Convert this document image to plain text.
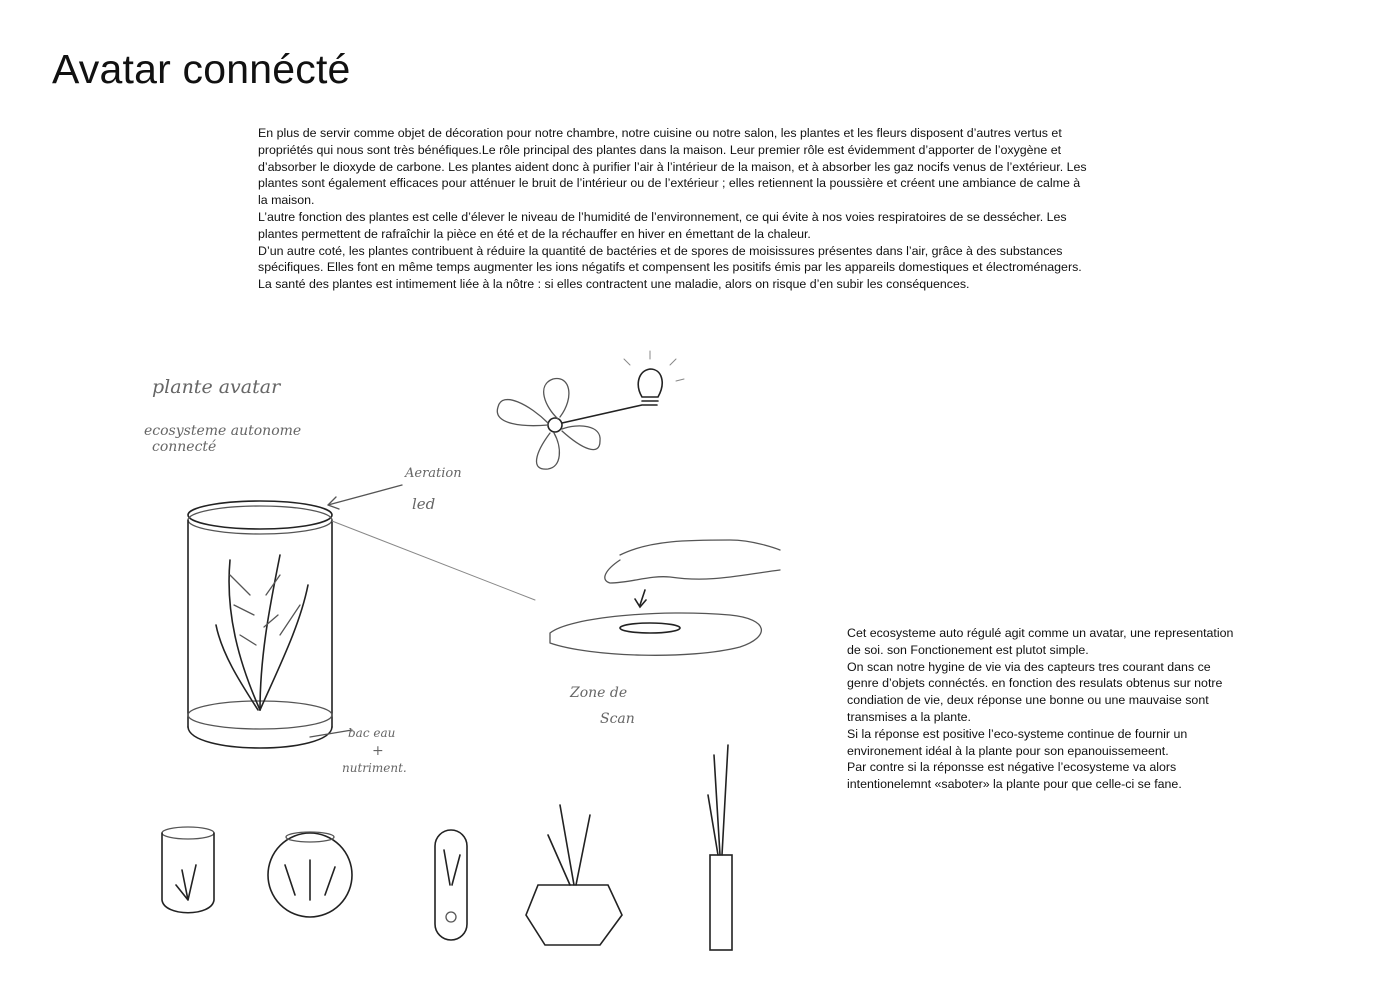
Avatar connécté

En plus de servir comme objet de décoration pour notre chambre, notre cuisine ou notre salon, les plantes et les fleurs disposent d’autres vertus et propriétés qui nous sont très bénéfiques.Le rôle principal des plantes dans la maison. Leur premier rôle est évidemment d’apporter de l’oxygène et d’absorber le dioxyde de carbone. Les plantes aident donc à purifier l’air à l’intérieur de la maison, et à absorber les gaz nocifs venus de l’extérieur. Les plantes sont également efficaces pour atténuer le bruit de l’intérieur ou de l’extérieur ; elles retiennent la poussière et créent une ambiance de calme à la maison.

L’autre fonction des plantes est celle d’élever le niveau de l’humidité de l’environnement, ce qui évite à nos voies respiratoires de se dessécher. Les plantes permettent de rafraîchir la pièce en été et de la réchauffer en hiver en émettant de la chaleur.

D’un autre coté, les plantes contribuent à réduire la quantité de bactéries et de spores de moisissures présentes dans l’air, grâce à des substances spécifiques. Elles font en même temps augmenter les ions négatifs et compensent les positifs émis par les appareils domestiques et électroménagers.

La santé des plantes est intimement liée à la nôtre : si elles contractent une maladie, alors on risque d’en subir les conséquences.

plante avatar
ecosysteme autonome
connecté
Aeration
led
bac eau
+
nutriment.
Zone de
Scan

Cet ecosysteme auto régulé agit comme un avatar, une representation de soi. son Fonctionement est plutot simple.

On scan notre hygine de vie via des capteurs tres courant dans ce genre d’objets connéctés. en fonction des resulats obtenus sur notre condiation de vie, deux réponse une bonne ou une mauvaise sont transmises a la plante.

Si la réponse est positive l’eco-systeme continue de fournir un environement idéal à la plante pour son epanouissemeent.

Par contre si la réponsse est négative l’ecosysteme va alors intentionelemnt «saboter» la plante pour que celle-ci se fane.
